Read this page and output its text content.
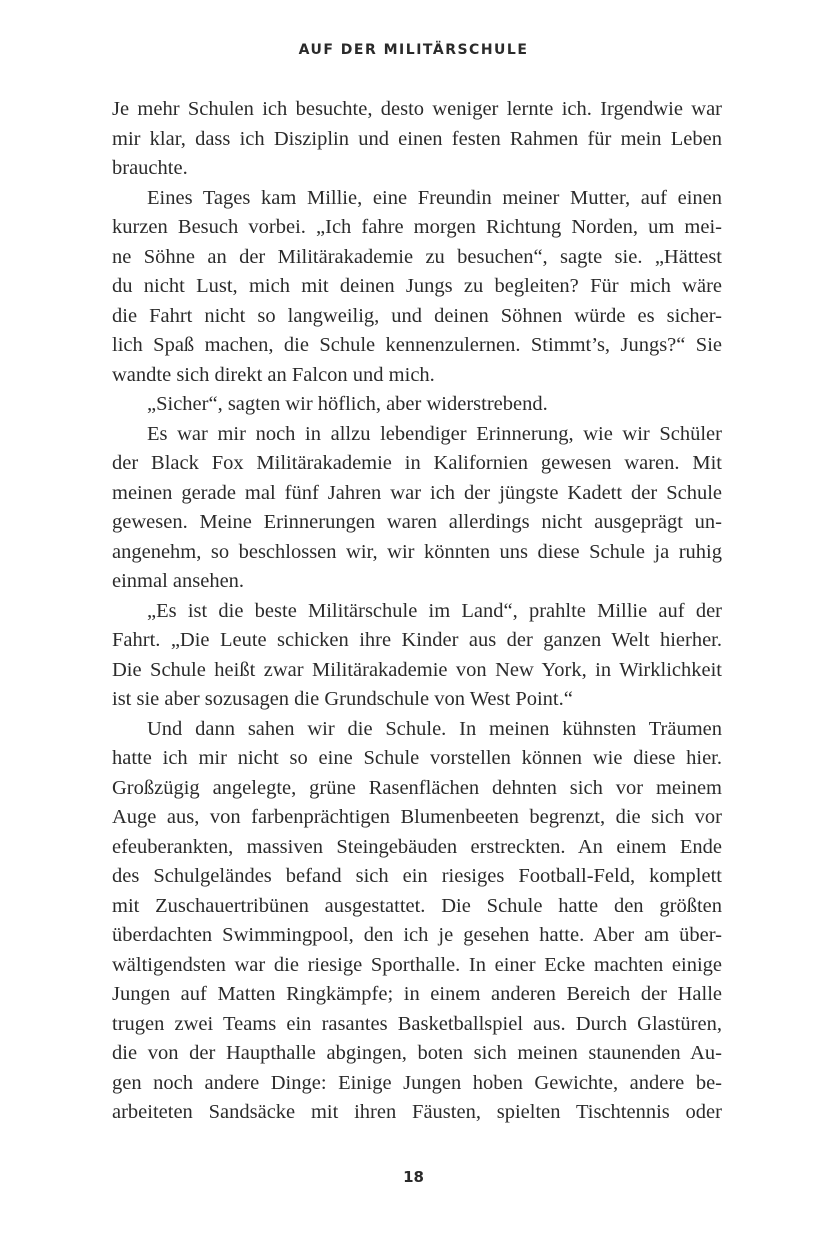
AUF DER MILITÄRSCHULE
Je mehr Schulen ich besuchte, desto weniger lernte ich. Irgendwie war
mir klar, dass ich Disziplin und einen festen Rahmen für mein Leben
brauchte.
Eines Tages kam Millie, eine Freundin meiner Mutter, auf einen
kurzen Besuch vorbei. „Ich fahre morgen Richtung Norden, um mei-
ne Söhne an der Militärakademie zu besuchen“, sagte sie. „Hättest
du nicht Lust, mich mit deinen Jungs zu begleiten? Für mich wäre
die Fahrt nicht so langweilig, und deinen Söhnen würde es sicher-
lich Spaß machen, die Schule kennenzulernen. Stimmt’s, Jungs?“ Sie
wandte sich direkt an Falcon und mich.
„Sicher“, sagten wir höflich, aber widerstrebend.
Es war mir noch in allzu lebendiger Erinnerung, wie wir Schüler
der Black Fox Militärakademie in Kalifornien gewesen waren. Mit
meinen gerade mal fünf Jahren war ich der jüngste Kadett der Schule
gewesen. Meine Erinnerungen waren allerdings nicht ausgeprägt un-
angenehm, so beschlossen wir, wir könnten uns diese Schule ja ruhig
einmal ansehen.
„Es ist die beste Militärschule im Land“, prahlte Millie auf der
Fahrt. „Die Leute schicken ihre Kinder aus der ganzen Welt hierher.
Die Schule heißt zwar Militärakademie von New York, in Wirklichkeit
ist sie aber sozusagen die Grundschule von West Point.“
Und dann sahen wir die Schule. In meinen kühnsten Träumen
hatte ich mir nicht so eine Schule vorstellen können wie diese hier.
Großzügig angelegte, grüne Rasenflächen dehnten sich vor meinem
Auge aus, von farbenprächtigen Blumenbeeten begrenzt, die sich vor
efeuberankten, massiven Steingebäuden erstreckten. An einem Ende
des Schulgeländes befand sich ein riesiges Football-Feld, komplett
mit Zuschauertribünen ausgestattet. Die Schule hatte den größten
überdachten Swimmingpool, den ich je gesehen hatte. Aber am über-
wältigendsten war die riesige Sporthalle. In einer Ecke machten einige
Jungen auf Matten Ringkämpfe; in einem anderen Bereich der Halle
trugen zwei Teams ein rasantes Basketballspiel aus. Durch Glastüren,
die von der Haupthalle abgingen, boten sich meinen staunenden Au-
gen noch andere Dinge: Einige Jungen hoben Gewichte, andere be-
arbeiteten Sandsäcke mit ihren Fäusten, spielten Tischtennis oder
18
